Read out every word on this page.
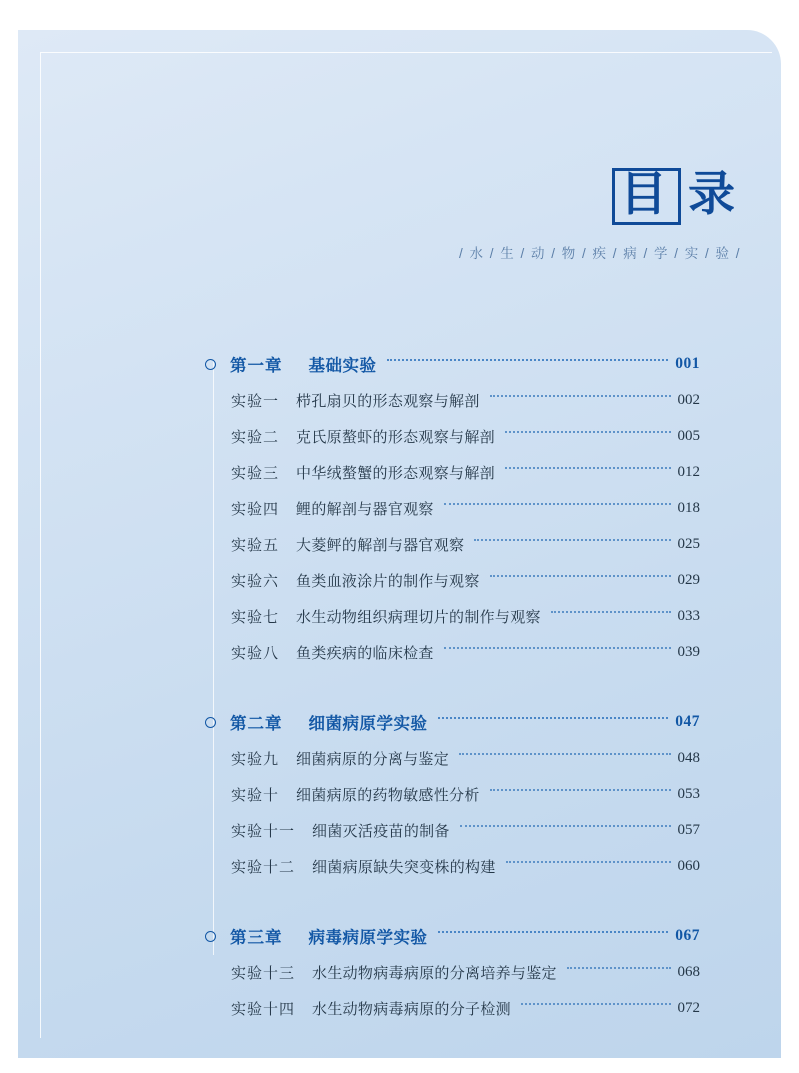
目 录
/ 水 / 生 / 动 / 物 / 疾 / 病 / 学 / 实 / 验 /
第一章 基础实验	001
实验一 栉孔扇贝的形态观察与解剖	002
实验二 克氏原螯虾的形态观察与解剖	005
实验三 中华绒螯蟹的形态观察与解剖	012
实验四 鲤的解剖与器官观察	018
实验五 大菱鲆的解剖与器官观察	025
实验六 鱼类血液涂片的制作与观察	029
实验七 水生动物组织病理切片的制作与观察	033
实验八 鱼类疾病的临床检查	039
第二章 细菌病原学实验	047
实验九 细菌病原的分离与鉴定	048
实验十 细菌病原的药物敏感性分析	053
实验十一 细菌灭活疫苗的制备	057
实验十二 细菌病原缺失突变株的构建	060
第三章 病毒病原学实验	067
实验十三 水生动物病毒病原的分离培养与鉴定	068
实验十四 水生动物病毒病原的分子检测	072
